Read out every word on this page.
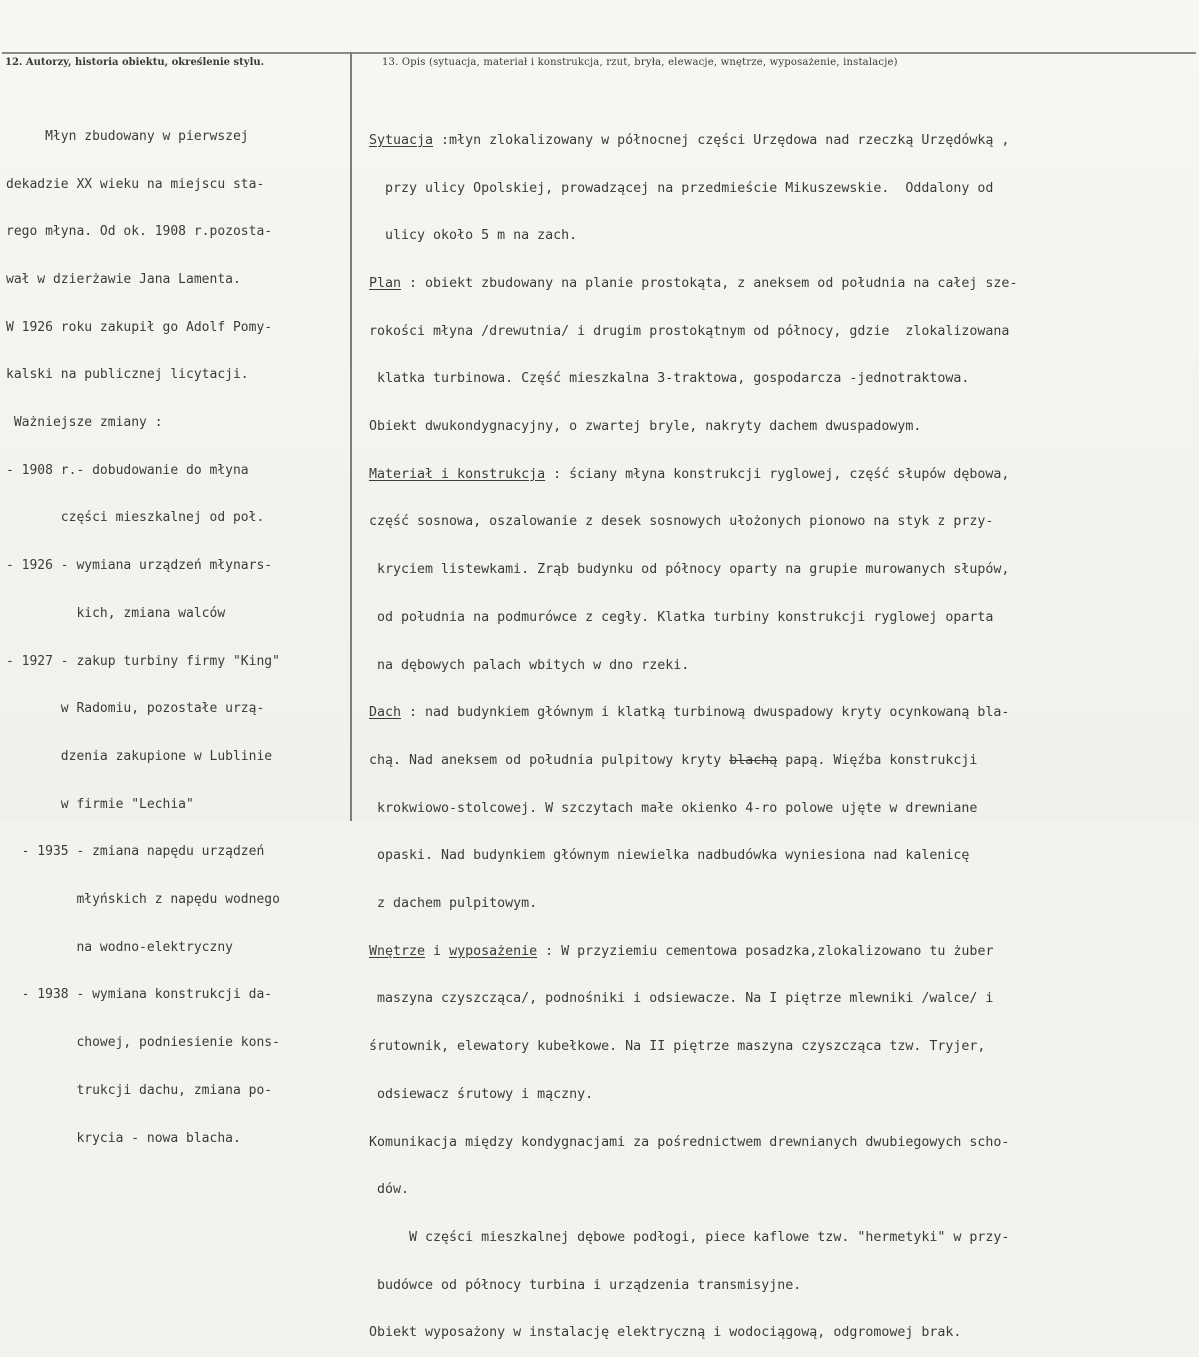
12. Autorzy, historia obiektu, określenie stylu.	13. Opis (sytuacja, materiał i konstrukcja, rzut, bryła, elewacje, wnętrze, wyposażenie, instalacje)

Młyn zbudowany w pierwszej

dekadzie XX wieku na miejscu sta-

rego młyna. Od ok. 1908 r.pozosta-

wał w dzierżawie Jana Lamenta.

W 1926 roku zakupił go Adolf Pomy-

kalski na publicznej licytacji.

Ważniejsze zmiany :

- 1908 r.- dobudowanie do młyna

części mieszkalnej od poł.

- 1926 - wymiana urządzeń młynars-

kich, zmiana walców

- 1927 - zakup turbiny firmy "King"

w Radomiu, pozostałe urzą-

dzenia zakupione w Lublinie

w firmie "Lechia"

- 1935 - zmiana napędu urządzeń

młyńskich z napędu wodnego

na wodno-elektryczny

- 1938 - wymiana konstrukcji da-

chowej, podniesienie kons-

trukcji dachu, zmiana po-

krycia - nowa blacha.

Sytuacja :młyn zlokalizowany w północnej części Urzędowa nad rzeczką Urzędówką ,

przy ulicy Opolskiej, prowadzącej na przedmieście Mikuszewskie.  Oddalony od

ulicy około 5 m na zach.

Plan : obiekt zbudowany na planie prostokąta, z aneksem od południa na całej sze-

rokości młyna /drewutnia/ i drugim prostokątnym od północy, gdzie  zlokalizowana

klatka turbinowa. Część mieszkalna 3-traktowa, gospodarcza -jednotraktowa.

Obiekt dwukondygnacyjny, o zwartej bryle, nakryty dachem dwuspadowym.

Materiał i konstrukcja : ściany młyna konstrukcji ryglowej, część słupów dębowa,

część sosnowa, oszalowanie z desek sosnowych ułożonych pionowo na styk z przy-

kryciem listewkami. Zrąb budynku od północy oparty na grupie murowanych słupów,

od południa na podmurówce z cegły. Klatka turbiny konstrukcji ryglowej oparta

na dębowych palach wbitych w dno rzeki.

Dach : nad budynkiem głównym i klatką turbinową dwuspadowy kryty ocynkowaną bla-

chą. Nad aneksem od południa pulpitowy kryty blachą papą. Więźba konstrukcji

krokwiowo-stolcowej. W szczytach małe okienko 4-ro polowe ujęte w drewniane

opaski. Nad budynkiem głównym niewielka nadbudówka wyniesiona nad kalenicę

z dachem pulpitowym.

Wnętrze i wyposażenie : W przyziemiu cementowa posadzka,zlokalizowano tu żuber

maszyna czyszcząca/, podnośniki i odsiewacze. Na I piętrze mlewniki /walce/ i

śrutownik, elewatory kubełkowe. Na II piętrze maszyna czyszcząca tzw. Tryjer,

odsiewacz śrutowy i mączny.

Komunikacja między kondygnacjami za pośrednictwem drewnianych dwubiegowych scho-

dów.

W części mieszkalnej dębowe podłogi, piece kaflowe tzw. "hermetyki" w przy-

budówce od północy turbina i urządzenia transmisyjne.

Obiekt wyposażony w instalację elektryczną i wodociągową, odgromowej brak.
